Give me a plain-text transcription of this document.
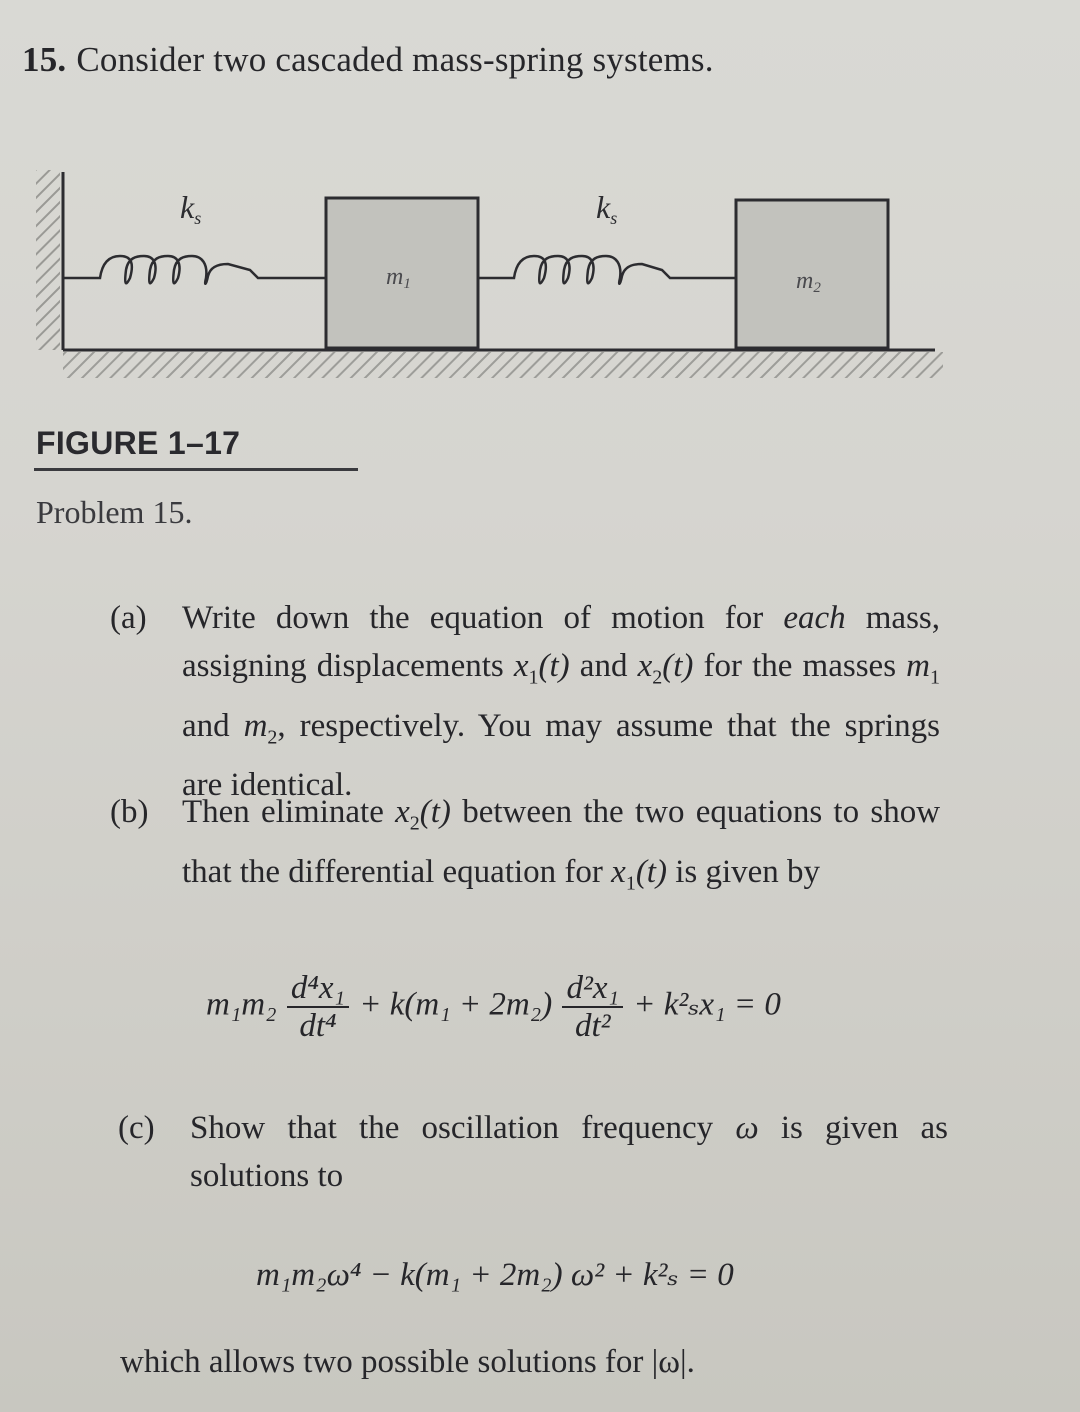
15. Consider two cascaded mass-spring systems.
ks
m1
ks
m2
FIGURE 1–17
Problem 15.
(a) Write down the equation of motion for each mass, assigning displacements $x_1(t)$ and $x_2(t)$ for the masses $m_1$ and $m_2$, respectively. You may assume that the springs are identical.
(b) Then eliminate $x_2(t)$ between the two equations to show that the differential equation for $x_1(t)$ is given by
$m_1m_2 \frac{\text{d⁴x₁}}{\text{dt⁴}} + k(m_1 + 2m_2) \frac{\text{d²x₁}}{\text{dt²}} + k^2_sx_1 = 0$
(c) Show that the oscillation frequency ω is given as solutions to
m₁m₂ω⁴ − k(m₁ + 2m₂) ω² + k²ₛ = 0
which allows two possible solutions for |ω|.
